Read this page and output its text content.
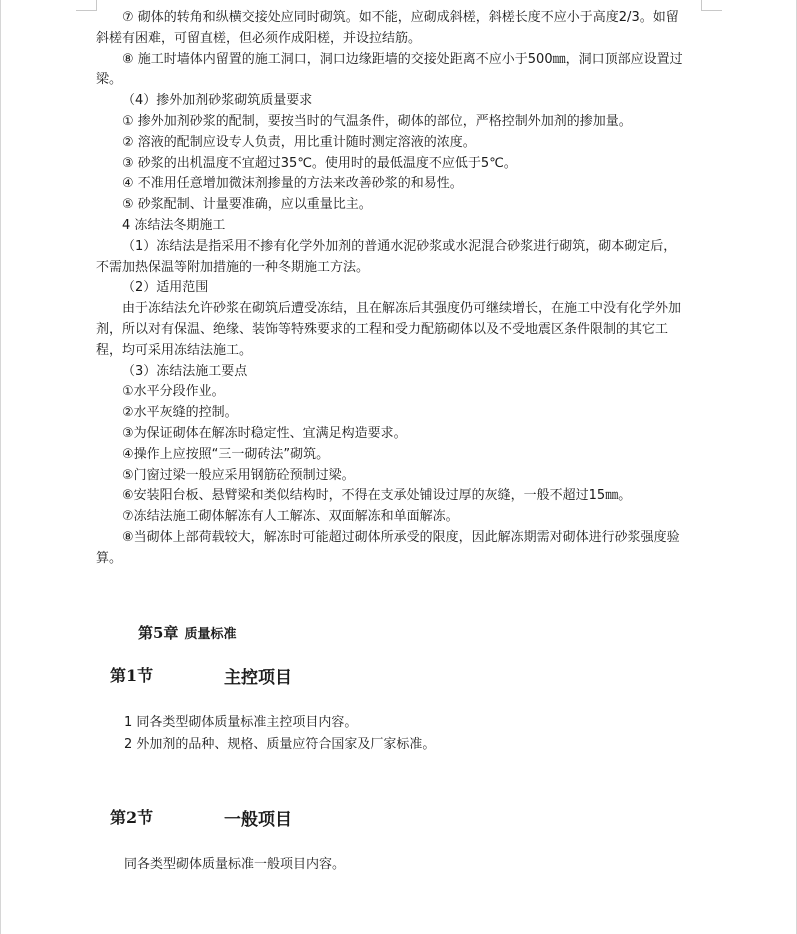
⑦ 砌体的转角和纵横交接处应同时砌筑。如不能，应砌成斜槎，斜槎长度不应小于高度2/3。如留斜槎有困难，可留直槎，但必须作成阳槎，并设拉结筋。

⑧ 施工时墙体内留置的施工洞口，洞口边缘距墙的交接处距离不应小于500㎜，洞口顶部应设置过梁。

（4）掺外加剂砂浆砌筑质量要求

① 掺外加剂砂浆的配制，要按当时的气温条件，砌体的部位，严格控制外加剂的掺加量。

② 溶液的配制应设专人负责，用比重计随时测定溶液的浓度。

③ 砂浆的出机温度不宜超过35℃。使用时的最低温度不应低于5℃。

④ 不准用任意增加微沫剂掺量的方法来改善砂浆的和易性。

⑤ 砂浆配制、计量要准确，应以重量比主。

4 冻结法冬期施工

（1）冻结法是指采用不掺有化学外加剂的普通水泥砂浆或水泥混合砂浆进行砌筑，砌本砌定后，不需加热保温等附加措施的一种冬期施工方法。

（2）适用范围

由于冻结法允许砂浆在砌筑后遭受冻结，且在解冻后其强度仍可继续增长，在施工中没有化学外加剂，所以对有保温、绝缘、装饰等特殊要求的工程和受力配筋砌体以及不受地震区条件限制的其它工程，均可采用冻结法施工。

（3）冻结法施工要点

①水平分段作业。

②水平灰缝的控制。

③为保证砌体在解冻时稳定性、宜满足构造要求。

④操作上应按照“三一砌砖法”砌筑。

⑤门窗过梁一般应采用钢筋砼预制过梁。

⑥安装阳台板、悬臂梁和类似结构时，不得在支承处铺设过厚的灰缝，一般不超过15㎜。

⑦冻结法施工砌体解冻有人工解冻、双面解冻和单面解冻。

⑧当砌体上部荷载较大，解冻时可能超过砌体所承受的限度，因此解冻期需对砌体进行砂浆强度验算。

第5章 质量标准
第1节	主控项目

1 同各类型砌体质量标准主控项目内容。

2 外加剂的品种、规格、质量应符合国家及厂家标准。

第2节	一般项目

同各类型砌体质量标准一般项目内容。
